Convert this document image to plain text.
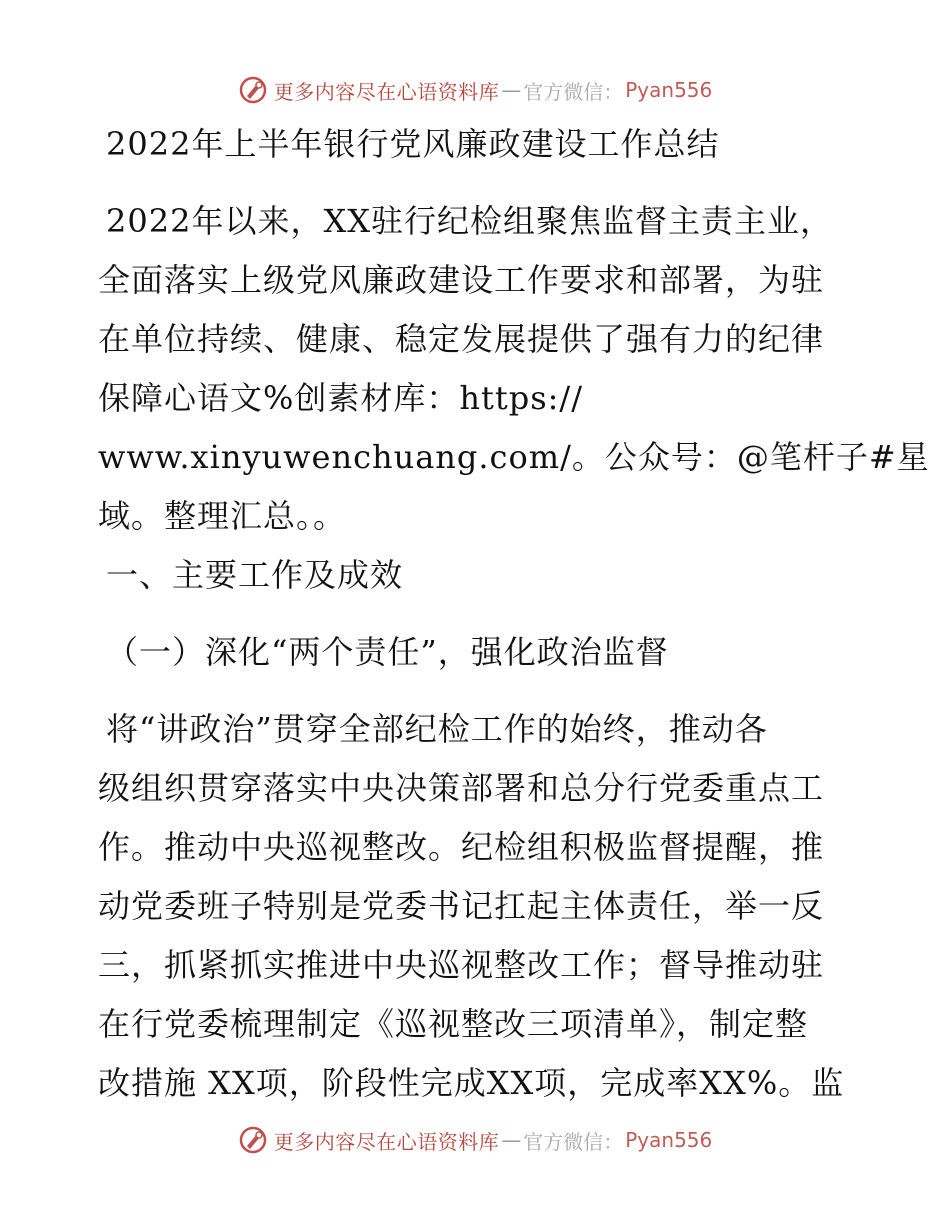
更多内容尽在心语资料库 — 官方微信： Pyan556
2022年上半年银行党风廉政建设工作总结
2022年以来，XX驻行纪检组聚焦监督主责主业，
全面落实上级党风廉政建设工作要求和部署，为驻
在单位持续、健康、稳定发展提供了强有力的纪律
保障心语文%创素材库：https://
www.xinyuwenchuang.com/。公众号：@笔杆子#星
域。整理汇总。。
一、主要工作及成效
（一）深化“两个责任”，强化政治监督
将“讲政治”贯穿全部纪检工作的始终，推动各
级组织贯穿落实中央决策部署和总分行党委重点工
作。推动中央巡视整改。纪检组积极监督提醒，推
动党委班子特别是党委书记扛起主体责任，举一反
三，抓紧抓实推进中央巡视整改工作；督导推动驻
在行党委梳理制定《巡视整改三项清单》，制定整
改措施 XX项，阶段性完成XX项，完成率XX%。监
更多内容尽在心语资料库 — 官方微信： Pyan556
